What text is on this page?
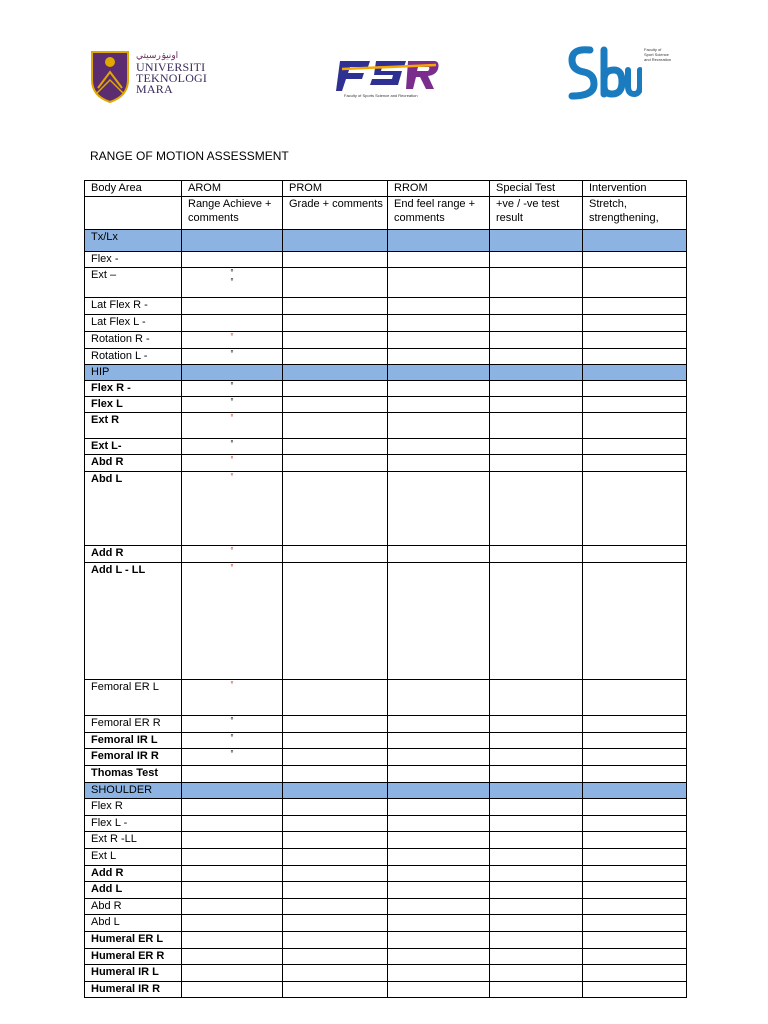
اونيۏرسيتي
UNIVERSITI
TEKNOLOGI
MARA	Faculty of Sports Science and Recreation
Faculty of
Sport Science
and Recreation
RANGE OF MOTION ASSESSMENT
Body Area	AROM	PROM	RROM	Special Test	Intervention
	Range Achieve + comments	Grade + comments	End feel range + comments	+ve / -ve test result	Stretch, strengthening,
Tx/Lx					
Flex -					
Ext –	°
°				

Lat Flex R -					
Lat Flex L -					
Rotation R -	°				

Rotation L -	°				

HIP					
Flex R -	°				

Flex L	°				

Ext R	°				

Ext L-	°				

Abd R	°				

Abd L	°				

Add R	°				

Add L - LL	°				

Femoral ER L	°				

Femoral ER R	°				

Femoral IR L	°				

Femoral IR R	°				

Thomas Test					
SHOULDER					
Flex R					
Flex L -					
Ext R -LL					
Ext L					
Add R					
Add L					
Abd R					
Abd L					
Humeral ER L					
Humeral ER R					
Humeral IR L					
Humeral IR R					
